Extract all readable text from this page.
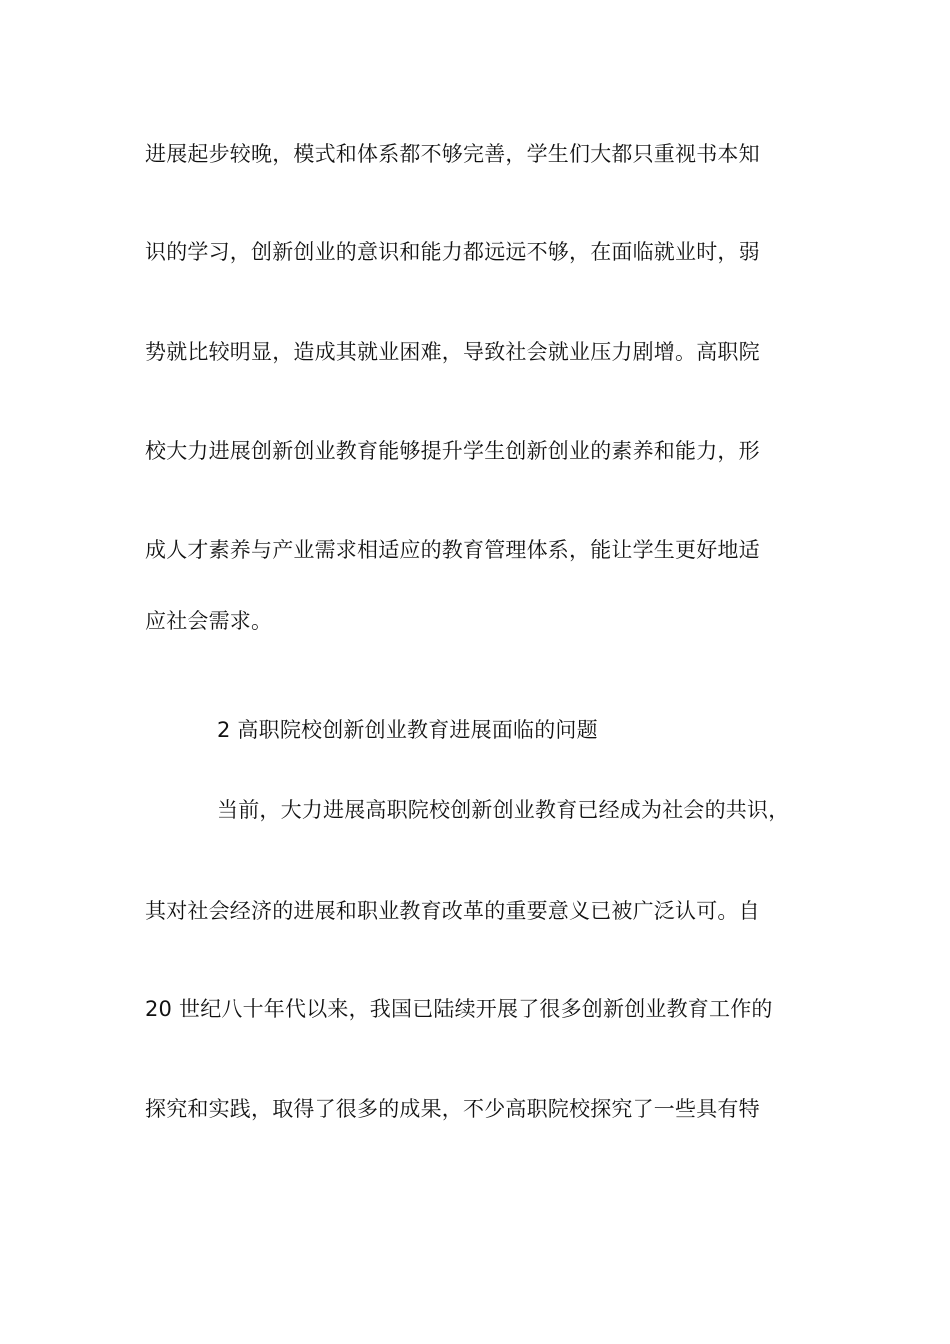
进展起步较晚，模式和体系都不够完善，学生们大都只重视书本知
识的学习，创新创业的意识和能力都远远不够，在面临就业时，弱
势就比较明显，造成其就业困难，导致社会就业压力剧增。高职院
校大力进展创新创业教育能够提升学生创新创业的素养和能力，形
成人才素养与产业需求相适应的教育管理体系，能让学生更好地适
应社会需求。
2 高职院校创新创业教育进展面临的问题
当前，大力进展高职院校创新创业教育已经成为社会的共识，
其对社会经济的进展和职业教育改革的重要意义已被广泛认可。自
20 世纪八十年代以来，我国已陆续开展了很多创新创业教育工作的
探究和实践，取得了很多的成果，不少高职院校探究了一些具有特
